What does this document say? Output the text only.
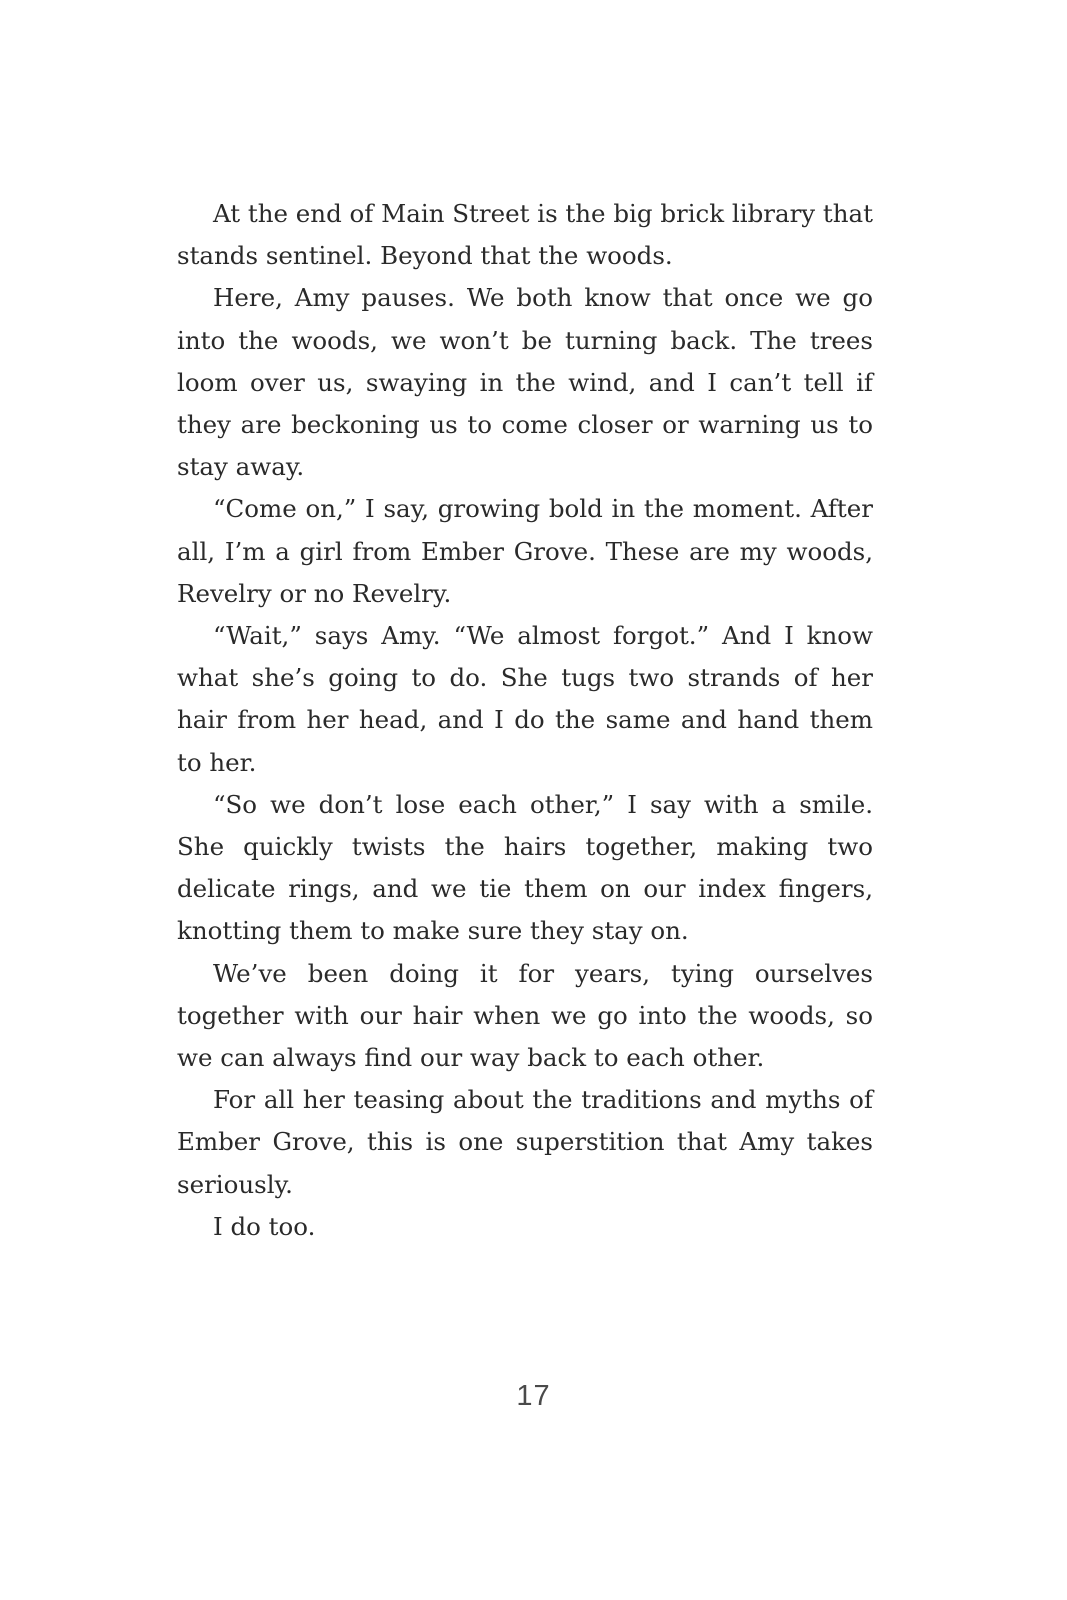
At the end of Main Street is the big brick library that stands sentinel. Beyond that the woods.

Here, Amy pauses. We both know that once we go into the woods, we won’t be turning back. The trees loom over us, swaying in the wind, and I can’t tell if they are beckoning us to come closer or warning us to stay away.

“Come on,” I say, growing bold in the moment. After all, I’m a girl from Ember Grove. These are my woods, Revelry or no Revelry.

“Wait,” says Amy. “We almost forgot.” And I know what she’s going to do. She tugs two strands of her hair from her head, and I do the same and hand them to her.

“So we don’t lose each other,” I say with a smile. She quickly twists the hairs together, making two delicate rings, and we tie them on our index fingers, knotting them to make sure they stay on.

We’ve been doing it for years, tying ourselves together with our hair when we go into the woods, so we can always find our way back to each other.

For all her teasing about the traditions and myths of Ember Grove, this is one superstition that Amy takes seriously.

I do too.

17
